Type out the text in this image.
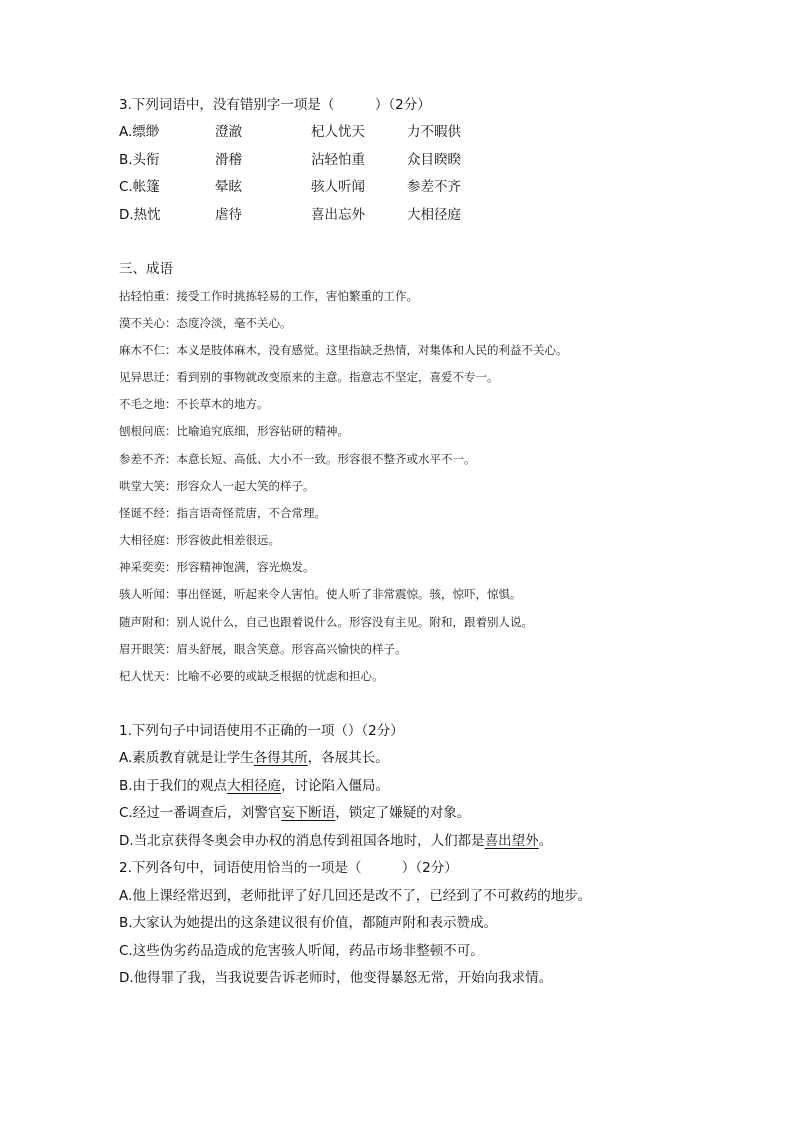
3.下列词语中，没有错别字一项是（　　　）（2分）
A.缥缈	澄澈	杞人忧天	力不暇供
B.头衔	滑稽	沾轻怕重	众目睽睽
C.帐篷	晕眩	骇人听闻	参差不齐
D.热忱	虐待	喜出忘外	大相径庭
三、成语
拈轻怕重：接受工作时挑拣轻易的工作，害怕繁重的工作。
漠不关心：态度冷淡，毫不关心。
麻木不仁：本义是肢体麻木，没有感觉。这里指缺乏热情，对集体和人民的利益不关心。
见异思迁：看到别的事物就改变原来的主意。指意志不坚定，喜爱不专一。
不毛之地：不长草木的地方。
刨根问底：比喻追究底细，形容钻研的精神。
参差不齐：本意长短、高低、大小不一致。形容很不整齐或水平不一。
哄堂大笑：形容众人一起大笑的样子。
怪诞不经：指言语奇怪荒唐，不合常理。
大相径庭：形容彼此相差很远。
神采奕奕：形容精神饱满，容光焕发。
骇人听闻：事出怪诞，听起来令人害怕。使人听了非常震惊。骇，惊吓，惊惧。
随声附和：别人说什么，自己也跟着说什么。形容没有主见。附和，跟着别人说。
眉开眼笑：眉头舒展，眼含笑意。形容高兴愉快的样子。
杞人忧天：比喻不必要的或缺乏根据的忧虑和担心。
1.下列句子中词语使用不正确的一项（）（2分）
A.素质教育就是让学生各得其所，各展其长。
B.由于我们的观点大相径庭，讨论陷入僵局。
C.经过一番调查后，刘警官妄下断语，锁定了嫌疑的对象。
D.当北京获得冬奥会申办权的消息传到祖国各地时，人们都是喜出望外。
2.下列各句中，词语使用恰当的一项是（　　　）（2分）
A.他上课经常迟到，老师批评了好几回还是改不了，已经到了不可救药的地步。
B.大家认为她提出的这条建议很有价值，都随声附和表示赞成。
C.这些伪劣药品造成的危害骇人听闻，药品市场非整顿不可。
D.他得罪了我，当我说要告诉老师时，他变得暴怒无常，开始向我求情。
